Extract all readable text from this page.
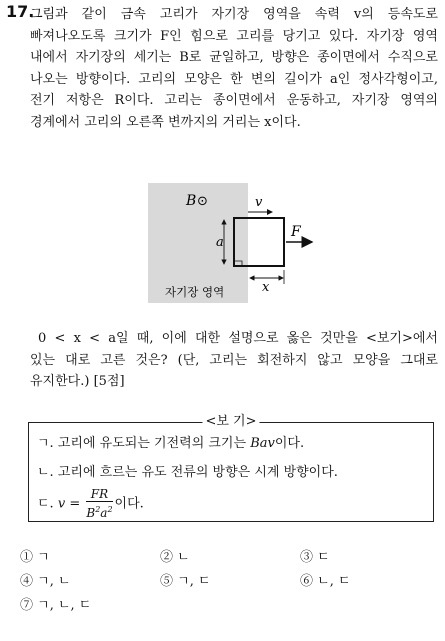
17.

그림과 같이 금속 고리가 자기장 영역을 속력 v의 등속도로

빠져나오도록 크기가 F인 힘으로 고리를 당기고 있다. 자기장 영역

내에서 자기장의 세기는 B로 균일하고, 방향은 종이면에서 수직으로

나오는 방향이다. 고리의 모양은 한 변의 길이가 a인 정사각형이고,

전기 저항은 R이다. 고리는 종이면에서 운동하고, 자기장 영역의

경계에서 고리의 오른쪽 변까지의 거리는 x이다.

B ⊙	v
F
a
x
자기장 영역

0 < x < a일 때, 이에 대한 설명으로 옳은 것만을 <보기>에서

있는 대로 고른 것은? (단, 고리는 회전하지 않고 모양을 그대로

유지한다.) [5점]

<보 기>
ㄱ. 고리에 유도되는 기전력의 크기는 Bav이다.
ㄴ. 고리에 흐르는 유도 전류의 방향은 시계 방향이다.
ㄷ. $v = \frac{FR}{B^2a^2}$ 이다.
① ㄱ	② ㄴ	③ ㄷ
④ ㄱ, ㄴ	⑤ ㄱ, ㄷ	⑥ ㄴ, ㄷ
⑦ ㄱ, ㄴ, ㄷ
